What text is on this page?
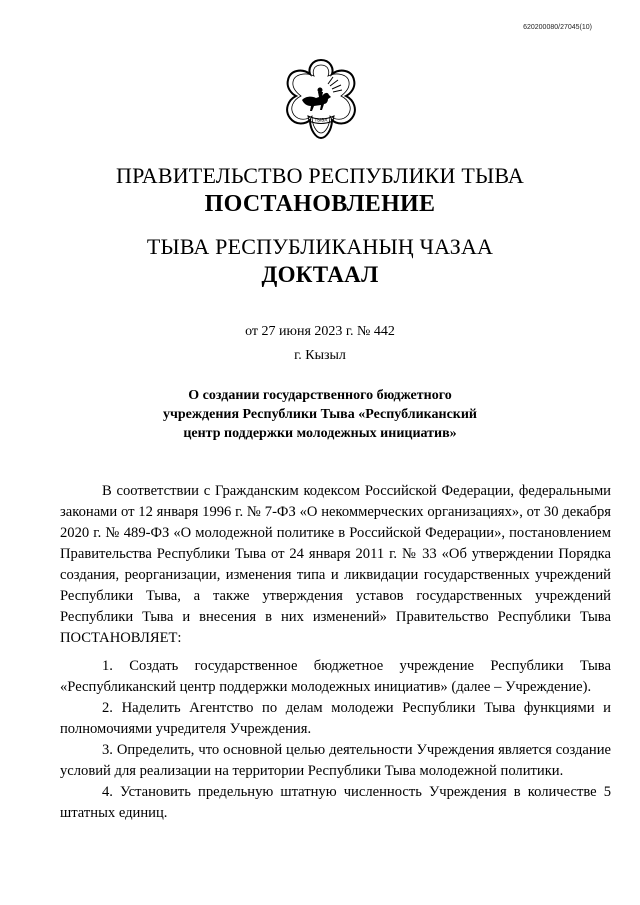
620200080/27045(10)
ТЫВА
ПРАВИТЕЛЬСТВО РЕСПУБЛИКИ ТЫВА
ПОСТАНОВЛЕНИЕ
ТЫВА РЕСПУБЛИКАНЫҢ ЧАЗАА
ДОКТААЛ
от 27 июня 2023 г. № 442
г. Кызыл
О создании государственного бюджетного
учреждения Республики Тыва «Республиканский
центр поддержки молодежных инициатив»

В соответствии с Гражданским кодексом Российской Федерации, федеральными законами от 12 января 1996 г. № 7-ФЗ «О некоммерческих организациях», от 30 декабря 2020 г. № 489-ФЗ «О молодежной политике в Российской Федерации», постановлением Правительства Республики Тыва от 24 января 2011 г. № 33 «Об утверждении Порядка создания, реорганизации, изменения типа и ликвидации государственных учреждений Республики Тыва, а также утверждения уставов государственных учреждений Республики Тыва и внесения в них изменений» Правительство Республики Тыва ПОСТАНОВЛЯЕТ:

1. Создать государственное бюджетное учреждение Республики Тыва «Республиканский центр поддержки молодежных инициатив» (далее – Учреждение).

2. Наделить Агентство по делам молодежи Республики Тыва функциями и полномочиями учредителя Учреждения.

3. Определить, что основной целью деятельности Учреждения является создание условий для реализации на территории Республики Тыва молодежной политики.

4. Установить предельную штатную численность Учреждения в количестве 5 штатных единиц.
